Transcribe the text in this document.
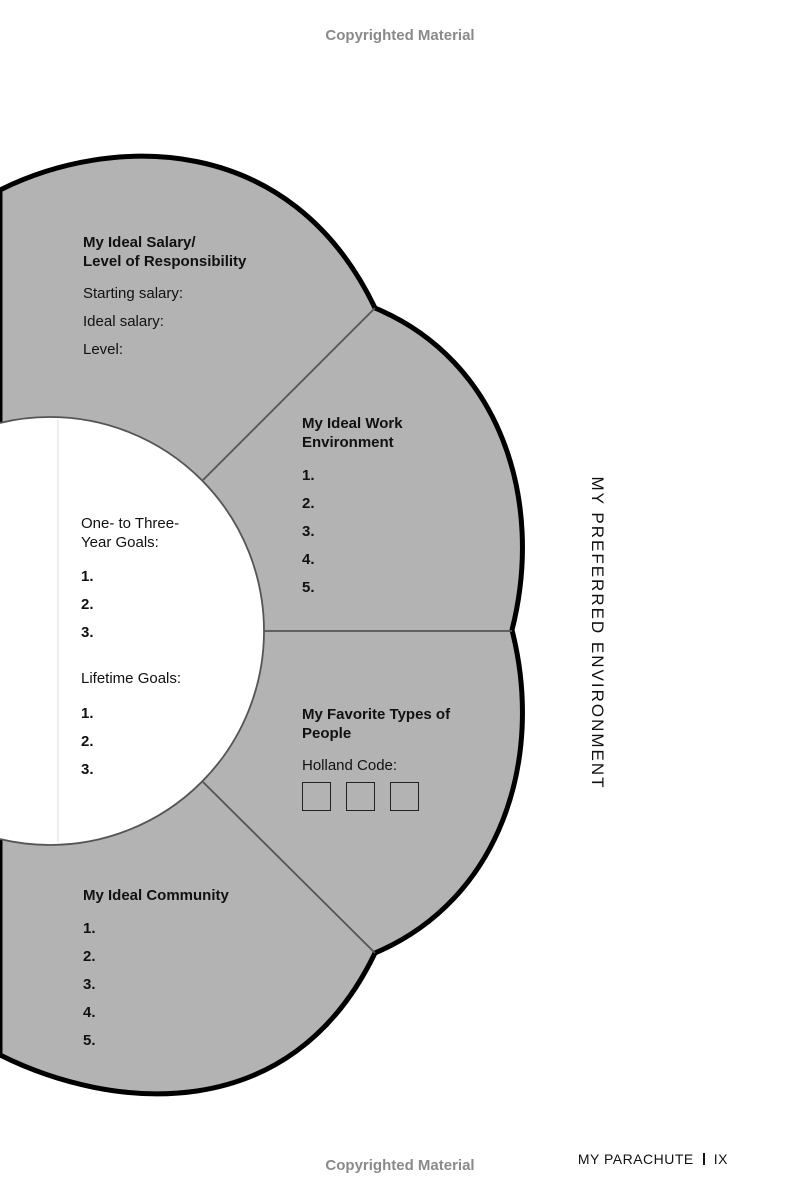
Copyrighted Material
My Ideal Salary/
Level of Responsibility
Starting salary:
Ideal salary:
Level:
My Ideal Work
Environment
1.
2.
3.
4.
5.
One- to Three-
Year Goals:
1.
2.
3.
Lifetime Goals:
1.
2.
3.
My Favorite Types of
People
Holland Code:
My Ideal Community
1.
2.
3.
4.
5.
MY PREFERRED ENVIRONMENT
Copyrighted Material	MY PARACHUTE IX
